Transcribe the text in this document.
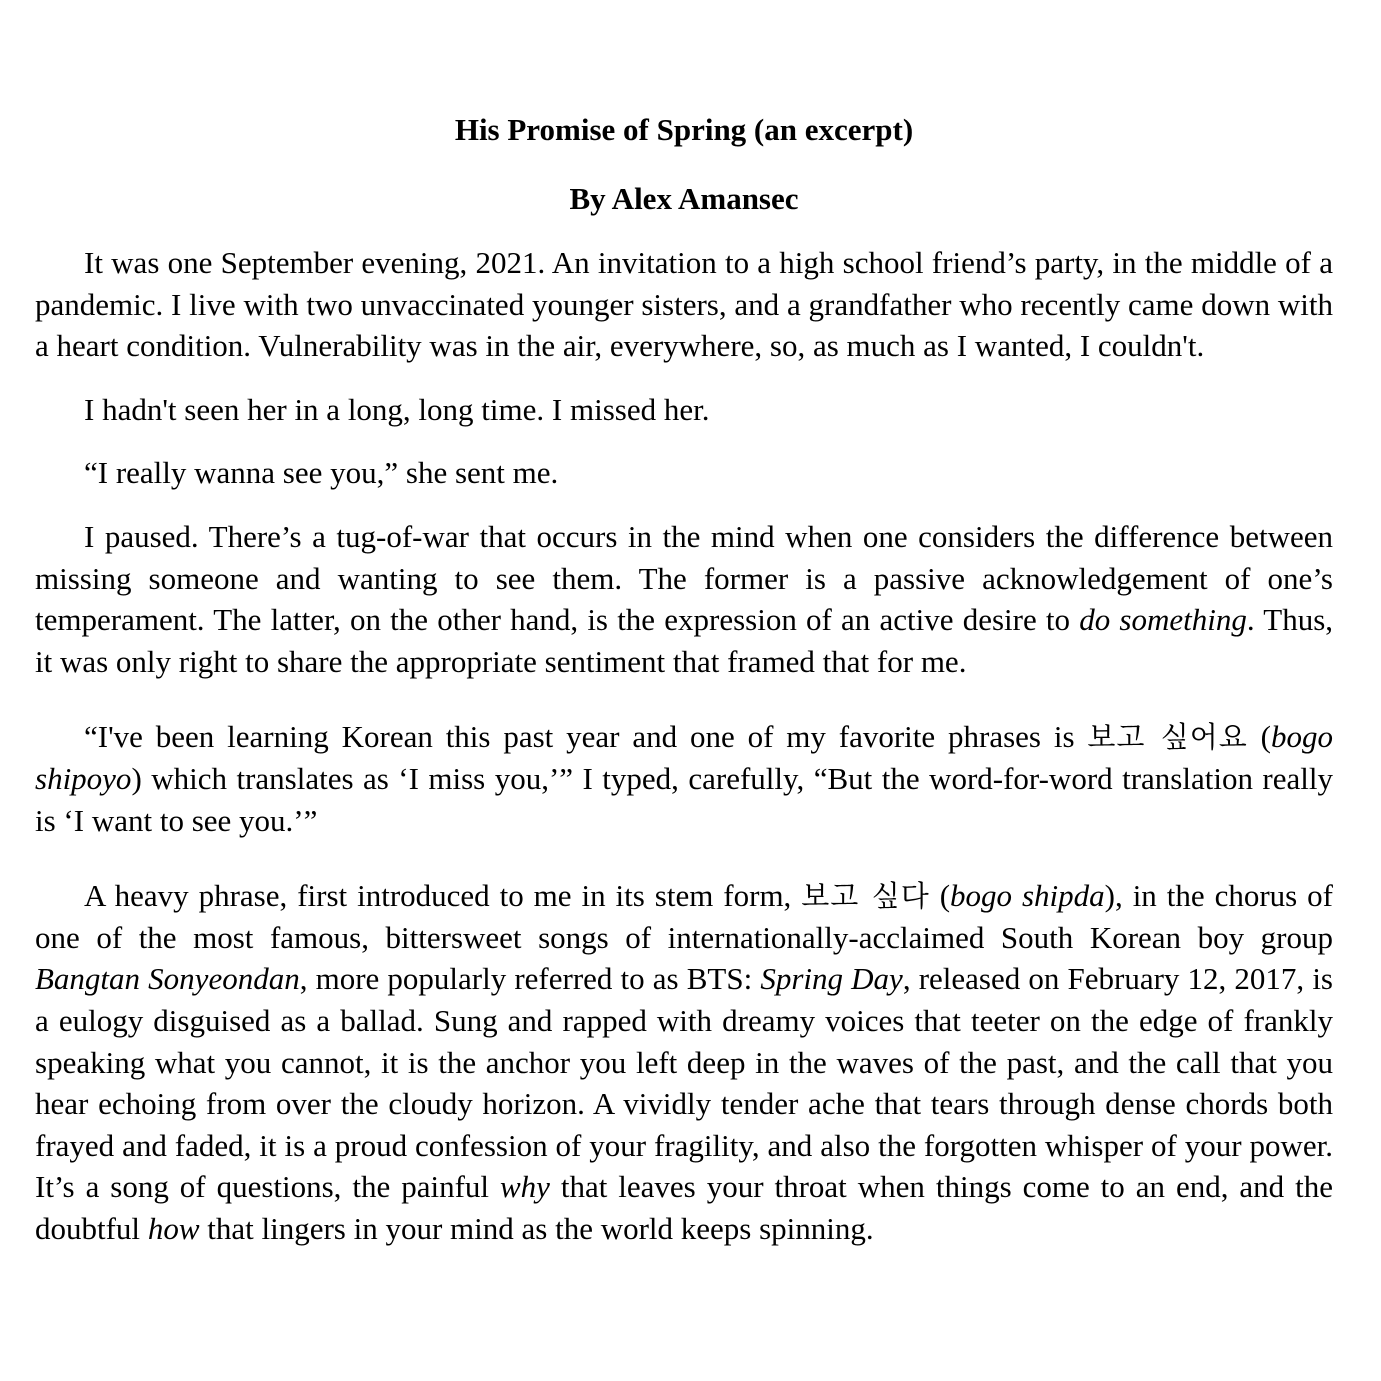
His Promise of Spring (an excerpt)
By Alex Amansec

It was one September evening, 2021. An invitation to a high school friend’s party, in the middle of a pandemic. I live with two unvaccinated younger sisters, and a grandfather who recently came down with a heart condition. Vulnerability was in the air, everywhere, so, as much as I wanted, I couldn't.

I hadn't seen her in a long, long time. I missed her.

“I really wanna see you,” she sent me.

I paused. There’s a tug-of-war that occurs in the mind when one considers the difference between missing someone and wanting to see them. The former is a passive acknowledgement of one’s temperament. The latter, on the other hand, is the expression of an active desire to do something. Thus, it was only right to share the appropriate sentiment that framed that for me.

“I've been learning Korean this past year and one of my favorite phrases is 보고 싶어요 (bogo shipoyo) which translates as ‘I miss you,’” I typed, carefully, “But the word-for-word translation really is ‘I want to see you.’”

A heavy phrase, first introduced to me in its stem form, 보고 싶다 (bogo shipda), in the chorus of one of the most famous, bittersweet songs of internationally-acclaimed South Korean boy group Bangtan Sonyeondan, more popularly referred to as BTS: Spring Day, released on February 12, 2017, is a eulogy disguised as a ballad. Sung and rapped with dreamy voices that teeter on the edge of frankly speaking what you cannot, it is the anchor you left deep in the waves of the past, and the call that you hear echoing from over the cloudy horizon. A vividly tender ache that tears through dense chords both frayed and faded, it is a proud confession of your fragility, and also the forgotten whisper of your power. It’s a song of questions, the painful why that leaves your throat when things come to an end, and the doubtful how that lingers in your mind as the world keeps spinning.
